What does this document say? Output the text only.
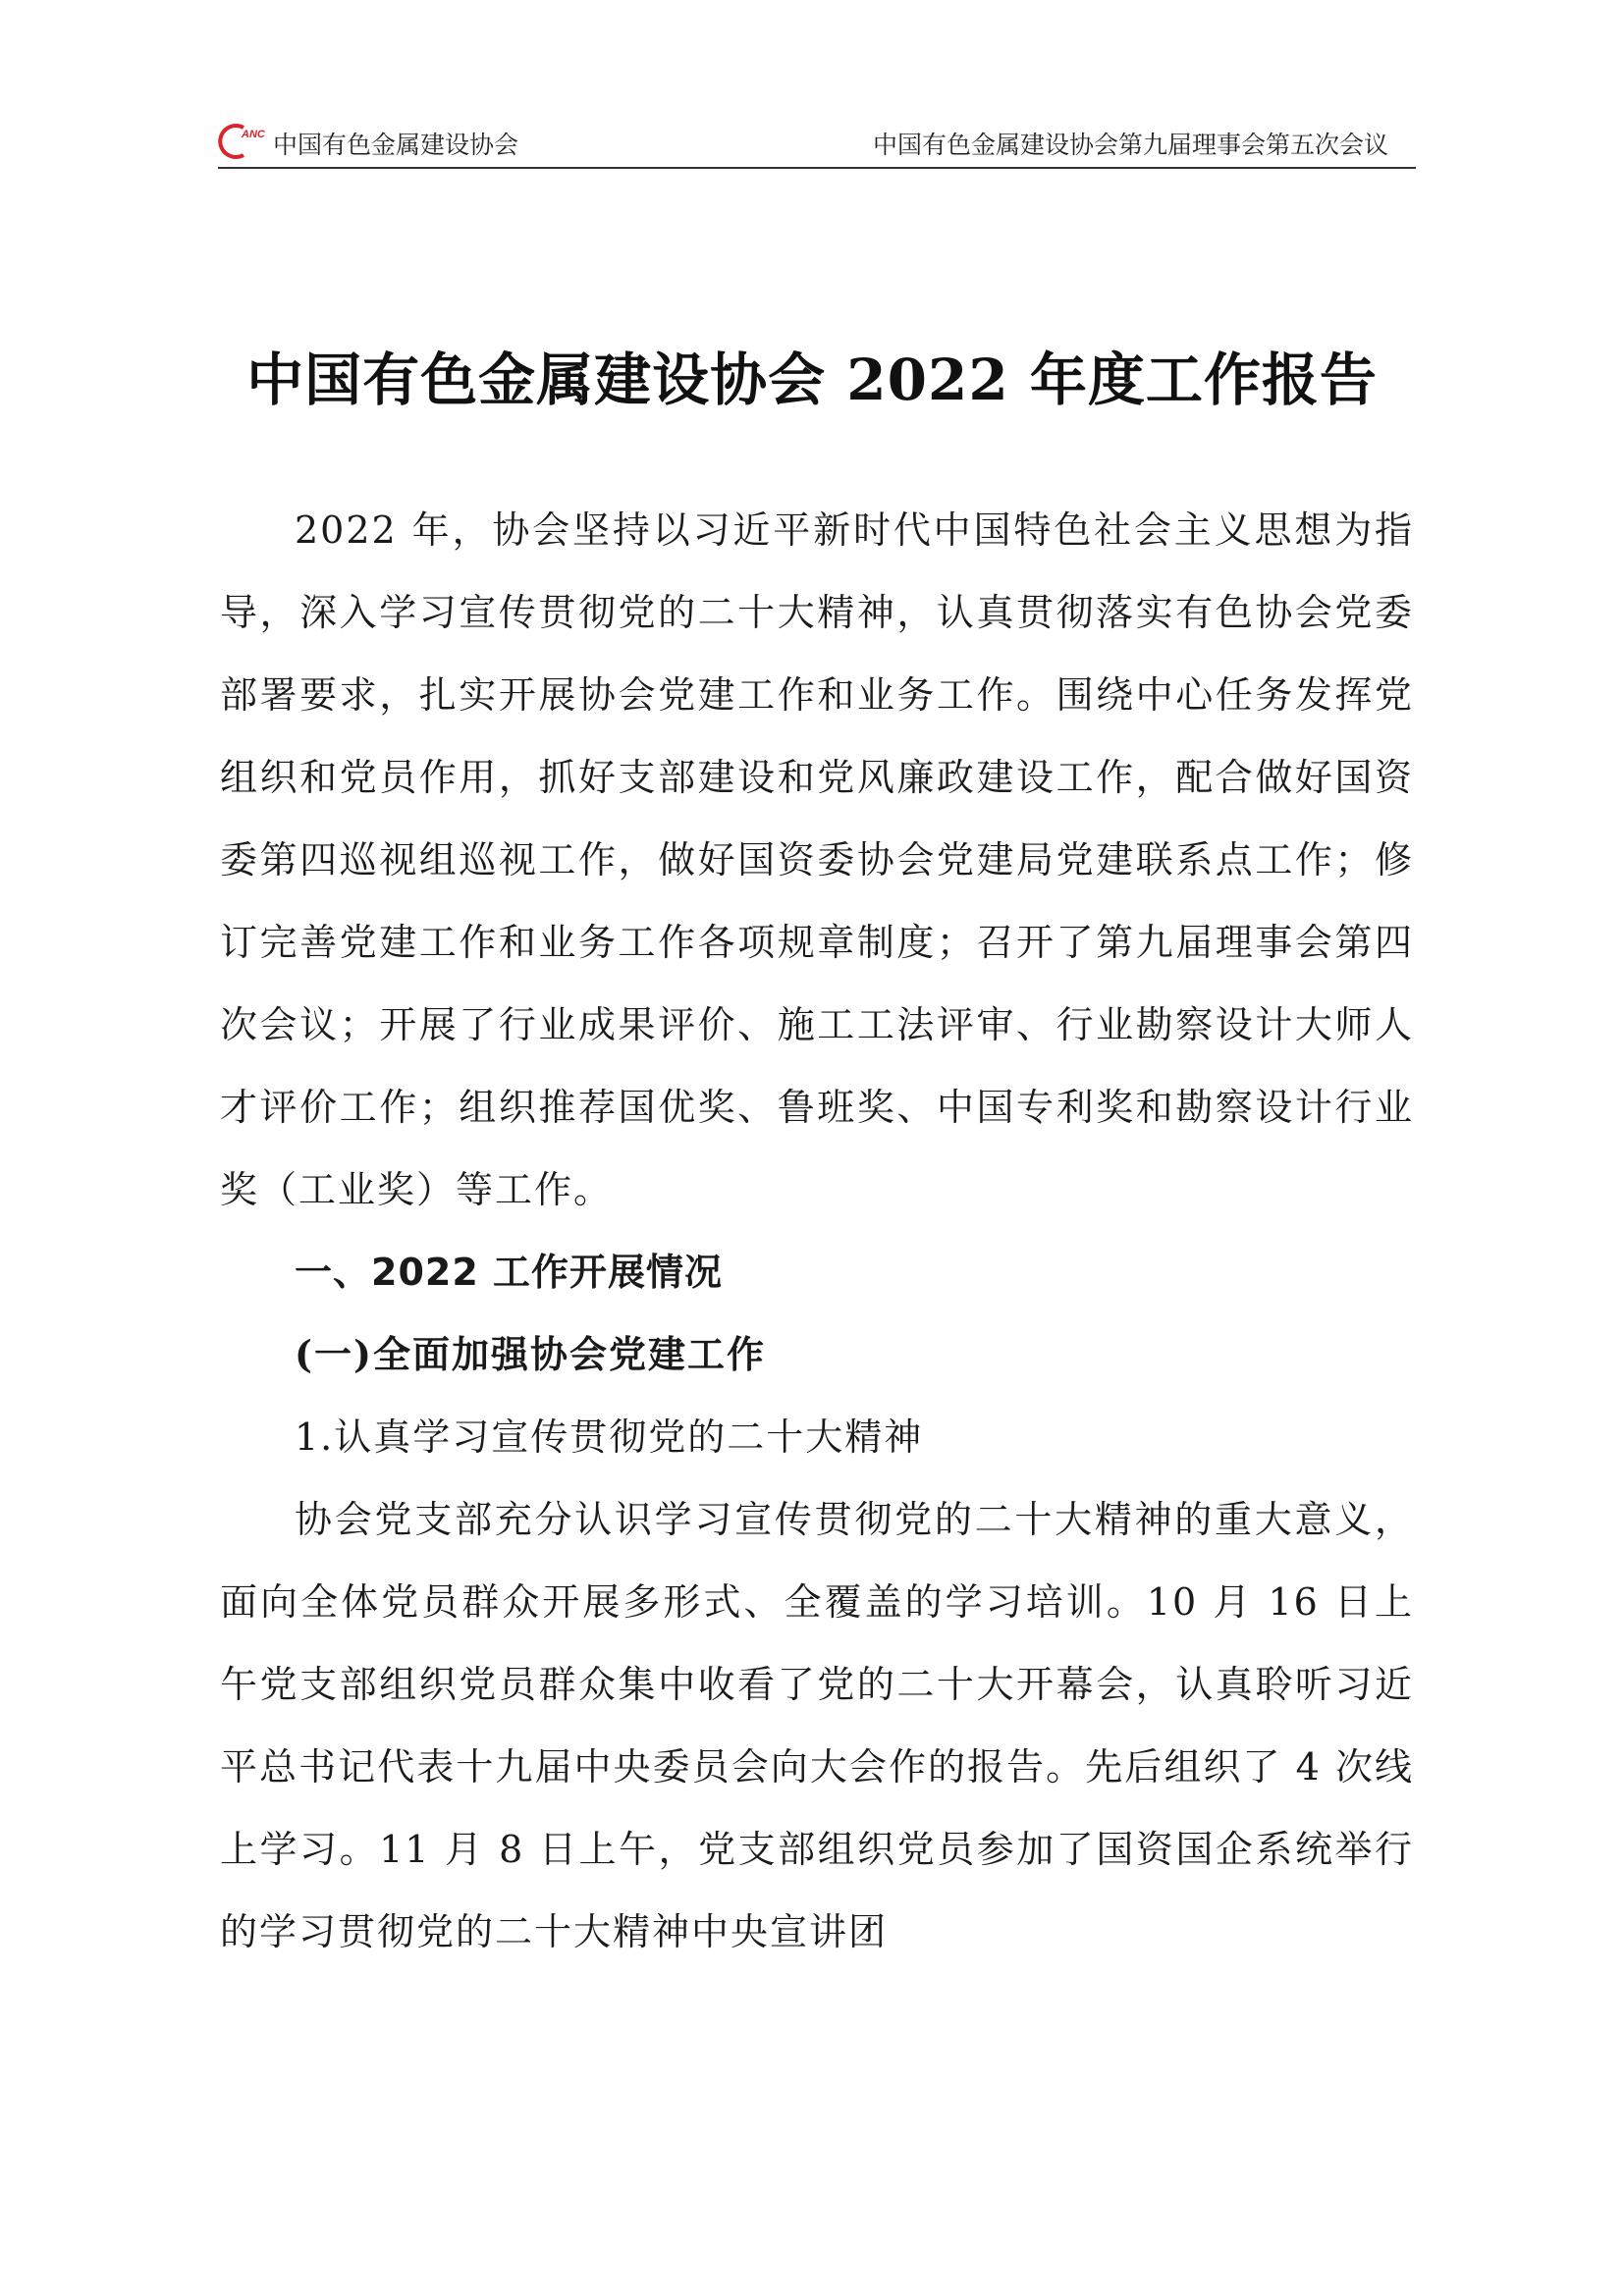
ANC 中国有色金属建设协会	中国有色金属建设协会第九届理事会第五次会议
中国有色金属建设协会 2022 年度工作报告

2022 年，协会坚持以习近平新时代中国特色社会主义思想为指导，深入学习宣传贯彻党的二十大精神，认真贯彻落实有色协会党委部署要求，扎实开展协会党建工作和业务工作。围绕中心任务发挥党组织和党员作用，抓好支部建设和党风廉政建设工作，配合做好国资委第四巡视组巡视工作，做好国资委协会党建局党建联系点工作；修订完善党建工作和业务工作各项规章制度；召开了第九届理事会第四次会议；开展了行业成果评价、施工工法评审、行业勘察设计大师人才评价工作；组织推荐国优奖、鲁班奖、中国专利奖和勘察设计行业奖（工业奖）等工作。

一、2022 工作开展情况

(一)全面加强协会党建工作

1.认真学习宣传贯彻党的二十大精神

协会党支部充分认识学习宣传贯彻党的二十大精神的重大意义，面向全体党员群众开展多形式、全覆盖的学习培训。10 月 16 日上午党支部组织党员群众集中收看了党的二十大开幕会，认真聆听习近平总书记代表十九届中央委员会向大会作的报告。先后组织了 4 次线上学习。11 月 8 日上午，党支部组织党员参加了国资国企系统举行的学习贯彻党的二十大精神中央宣讲团
